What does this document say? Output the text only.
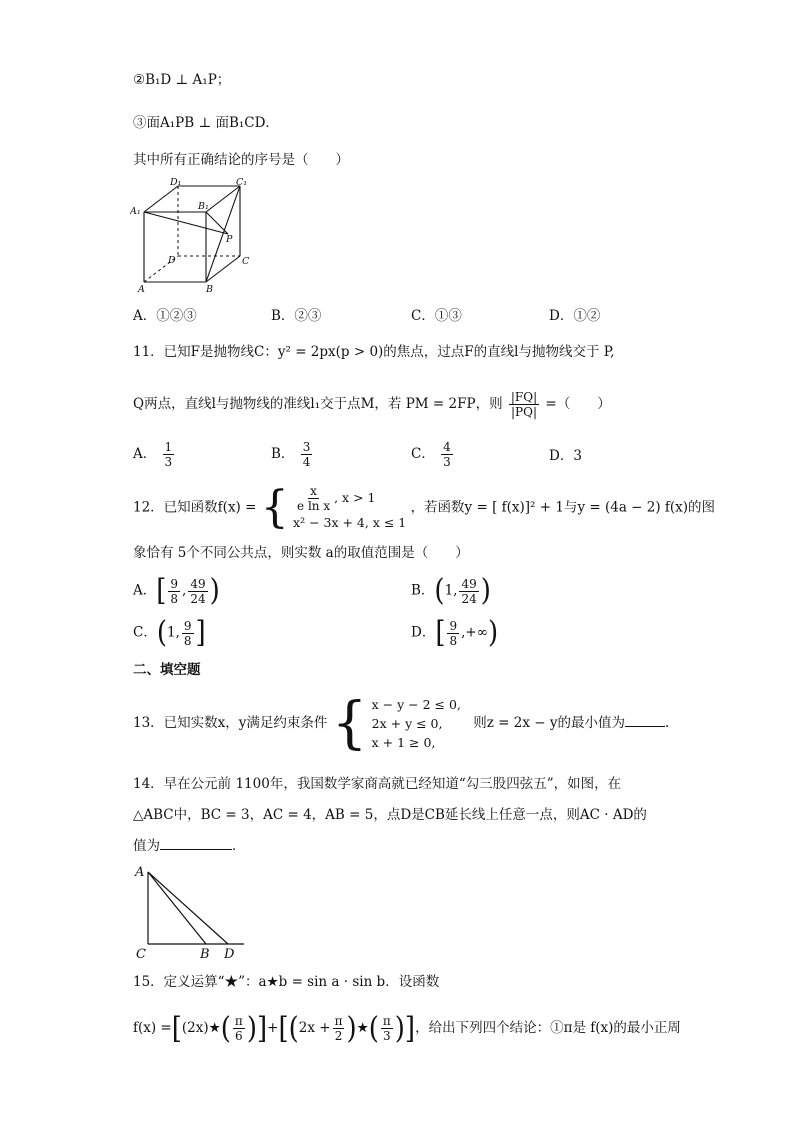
②B₁D ⊥ A₁P；
③面A₁PB ⊥ 面B₁CD．
其中所有正确结论的序号是（　　）
D₁	C₁
A₁	B₁
P
D	C
A	B
A．①②③	B．②③	C．①③	D．①②
11．已知F是抛物线C：y² = 2px(p > 0)的焦点，过点F的直线l与抛物线交于 P,
Q两点，直线l与抛物线的准线l₁交于点M，若 PM = 2FP，则 $\frac{|FQ|}{|PQ|}$ =（　　）
A． $\frac{1}{3}$	B． $\frac{3}{4}$	C． $\frac{4}{3}$	D．3
12．已知函数f(x) = { $\frac{x}{\text{e ln x}}$ , x > 1
x² − 3x + 4, x ≤ 1
，若函数y = [ f(x)]² + 1与y = (4a − 2) f(x)的图
象恰有 5个不同公共点，则实数 a的取值范围是（　　）
A．[ $\frac{9}{8}$ , $\frac{49}{24}$ )	B．(1, $\frac{49}{24}$ )
C．(1, $\frac{9}{8}$ ]	D．[ $\frac{9}{8}$ ,+∞)
二、填空题
13．已知实数x，y满足约束条件 { x − y − 2 ≤ 0,
2x + y ≤ 0,
x + 1 ≥ 0,
则z = 2x − y的最小值为	.
14．早在公元前 1100年，我国数学家商高就已经知道“勾三股四弦五”，如图，在
△ABC中，BC = 3，AC = 4，AB = 5，点D是CB延长线上任意一点，则AC · AD的
值为	．
A
C	B D
15．定义运算“★”：a★b = sin a · sin b．设函数
f(x) =[(2x)★( $\frac{\pi}{6} )]+[(2x + \frac{\pi}{2}$ )★( $\frac{\pi}{3}$ )]，给出下列四个结论：①π是 f(x)的最小正周
